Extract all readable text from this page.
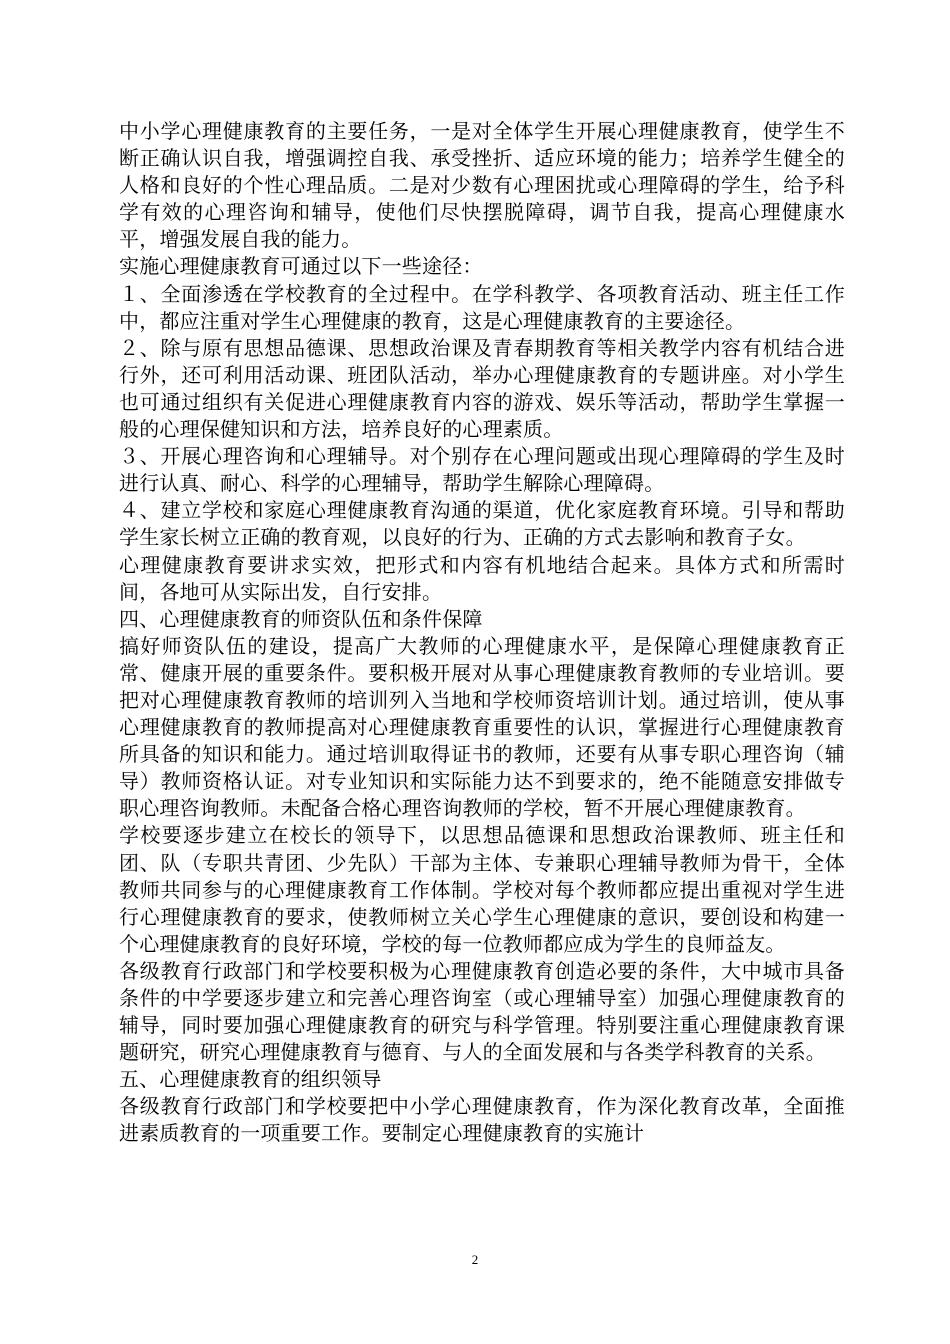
中小学心理健康教育的主要任务，一是对全体学生开展心理健康教育，使学生不断正确认识自我，增强调控自我、承受挫折、适应环境的能力；培养学生健全的人格和良好的个性心理品质。二是对少数有心理困扰或心理障碍的学生，给予科学有效的心理咨询和辅导，使他们尽快摆脱障碍，调节自我，提高心理健康水平，增强发展自我的能力。

实施心理健康教育可通过以下一些途径：

１、全面渗透在学校教育的全过程中。在学科教学、各项教育活动、班主任工作中，都应注重对学生心理健康的教育，这是心理健康教育的主要途径。

２、除与原有思想品德课、思想政治课及青春期教育等相关教学内容有机结合进行外，还可利用活动课、班团队活动，举办心理健康教育的专题讲座。对小学生也可通过组织有关促进心理健康教育内容的游戏、娱乐等活动，帮助学生掌握一般的心理保健知识和方法，培养良好的心理素质。

３、开展心理咨询和心理辅导。对个别存在心理问题或出现心理障碍的学生及时进行认真、耐心、科学的心理辅导，帮助学生解除心理障碍。

４、建立学校和家庭心理健康教育沟通的渠道，优化家庭教育环境。引导和帮助学生家长树立正确的教育观，以良好的行为、正确的方式去影响和教育子女。

心理健康教育要讲求实效，把形式和内容有机地结合起来。具体方式和所需时间，各地可从实际出发，自行安排。

四、心理健康教育的师资队伍和条件保障

搞好师资队伍的建设，提高广大教师的心理健康水平，是保障心理健康教育正常、健康开展的重要条件。要积极开展对从事心理健康教育教师的专业培训。要把对心理健康教育教师的培训列入当地和学校师资培训计划。通过培训，使从事心理健康教育的教师提高对心理健康教育重要性的认识，掌握进行心理健康教育所具备的知识和能力。通过培训取得证书的教师，还要有从事专职心理咨询（辅导）教师资格认证。对专业知识和实际能力达不到要求的，绝不能随意安排做专职心理咨询教师。未配备合格心理咨询教师的学校，暂不开展心理健康教育。

学校要逐步建立在校长的领导下，以思想品德课和思想政治课教师、班主任和团、队（专职共青团、少先队）干部为主体、专兼职心理辅导教师为骨干，全体教师共同参与的心理健康教育工作体制。学校对每个教师都应提出重视对学生进行心理健康教育的要求，使教师树立关心学生心理健康的意识，要创设和构建一个心理健康教育的良好环境，学校的每一位教师都应成为学生的良师益友。

各级教育行政部门和学校要积极为心理健康教育创造必要的条件，大中城市具备条件的中学要逐步建立和完善心理咨询室（或心理辅导室）加强心理健康教育的辅导，同时要加强心理健康教育的研究与科学管理。特别要注重心理健康教育课题研究，研究心理健康教育与德育、与人的全面发展和与各类学科教育的关系。

五、心理健康教育的组织领导

各级教育行政部门和学校要把中小学心理健康教育，作为深化教育改革，全面推进素质教育的一项重要工作。要制定心理健康教育的实施计

2
